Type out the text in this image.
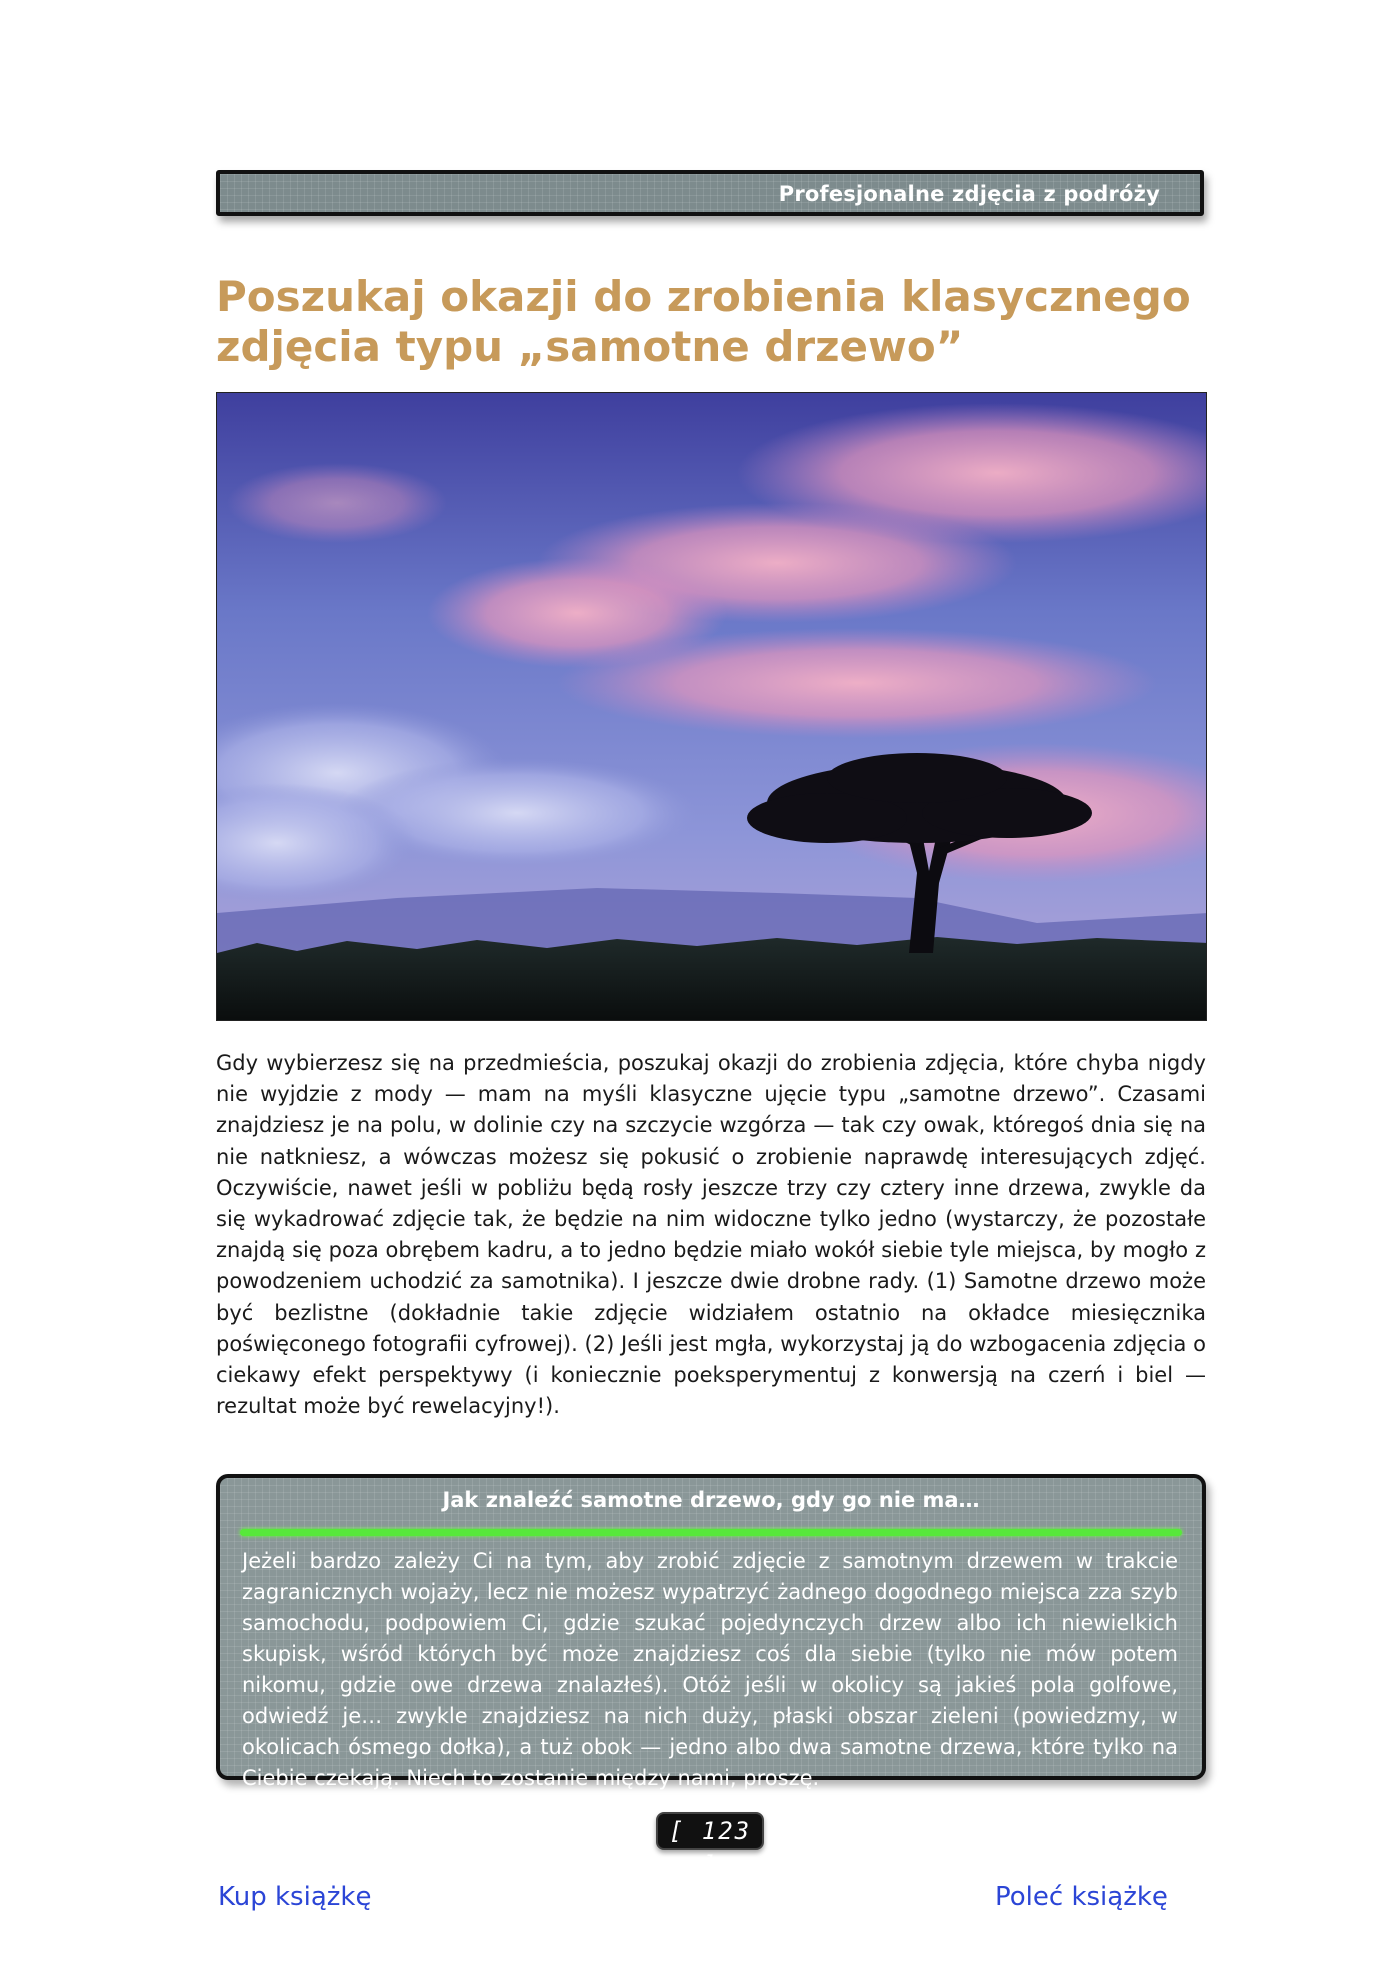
Profesjonalne zdjęcia z podróży
Poszukaj okazji do zrobienia klasycznego zdjęcia typu „samotne drzewo”

Gdy wybierzesz się na przedmieścia, poszukaj okazji do zrobienia zdjęcia, które chyba nigdy nie wyjdzie z mody — mam na myśli klasyczne ujęcie typu „samotne drzewo”. Czasami znajdziesz je na polu, w dolinie czy na szczycie wzgórza — tak czy owak, któregoś dnia się na nie natkniesz, a wówczas możesz się pokusić o zrobienie naprawdę interesujących zdjęć. Oczywiście, nawet jeśli w pobliżu będą rosły jeszcze trzy czy cztery inne drzewa, zwykle da się wykadrować zdjęcie tak, że będzie na nim widoczne tylko jedno (wystarczy, że pozostałe znajdą się poza obrębem kadru, a to jedno będzie miało wokół siebie tyle miejsca, by mogło z powodzeniem uchodzić za samotnika). I jeszcze dwie drobne rady. (1) Samotne drzewo może być bezlistne (dokładnie takie zdjęcie widziałem ostatnio na okładce miesięcznika poświęconego fotografii cyfrowej). (2) Jeśli jest mgła, wykorzystaj ją do wzbogacenia zdjęcia o ciekawy efekt perspektywy (i koniecznie poeksperymentuj z konwersją na czerń i biel — rezultat może być rewelacyjny!).

Jak znaleźć samotne drzewo, gdy go nie ma…

Jeżeli bardzo zależy Ci na tym, aby zrobić zdjęcie z samotnym drzewem w trakcie zagranicznych wojaży, lecz nie możesz wypatrzyć żadnego dogodnego miejsca zza szyb samochodu, podpowiem Ci, gdzie szukać pojedynczych drzew albo ich niewielkich skupisk, wśród których być może znajdziesz coś dla siebie (tylko nie mów potem nikomu, gdzie owe drzewa znalazłeś). Otóż jeśli w okolicy są jakieś pola golfowe, odwiedź je… zwykle znajdziesz na nich duży, płaski obszar zieleni (powiedzmy, w okolicach ósmego dołka), a tuż obok — jedno albo dwa samotne drzewa, które tylko na Ciebie czekają. Niech to zostanie między nami, proszę.

[ 123 ]
Kup książkę	Poleć książkę
